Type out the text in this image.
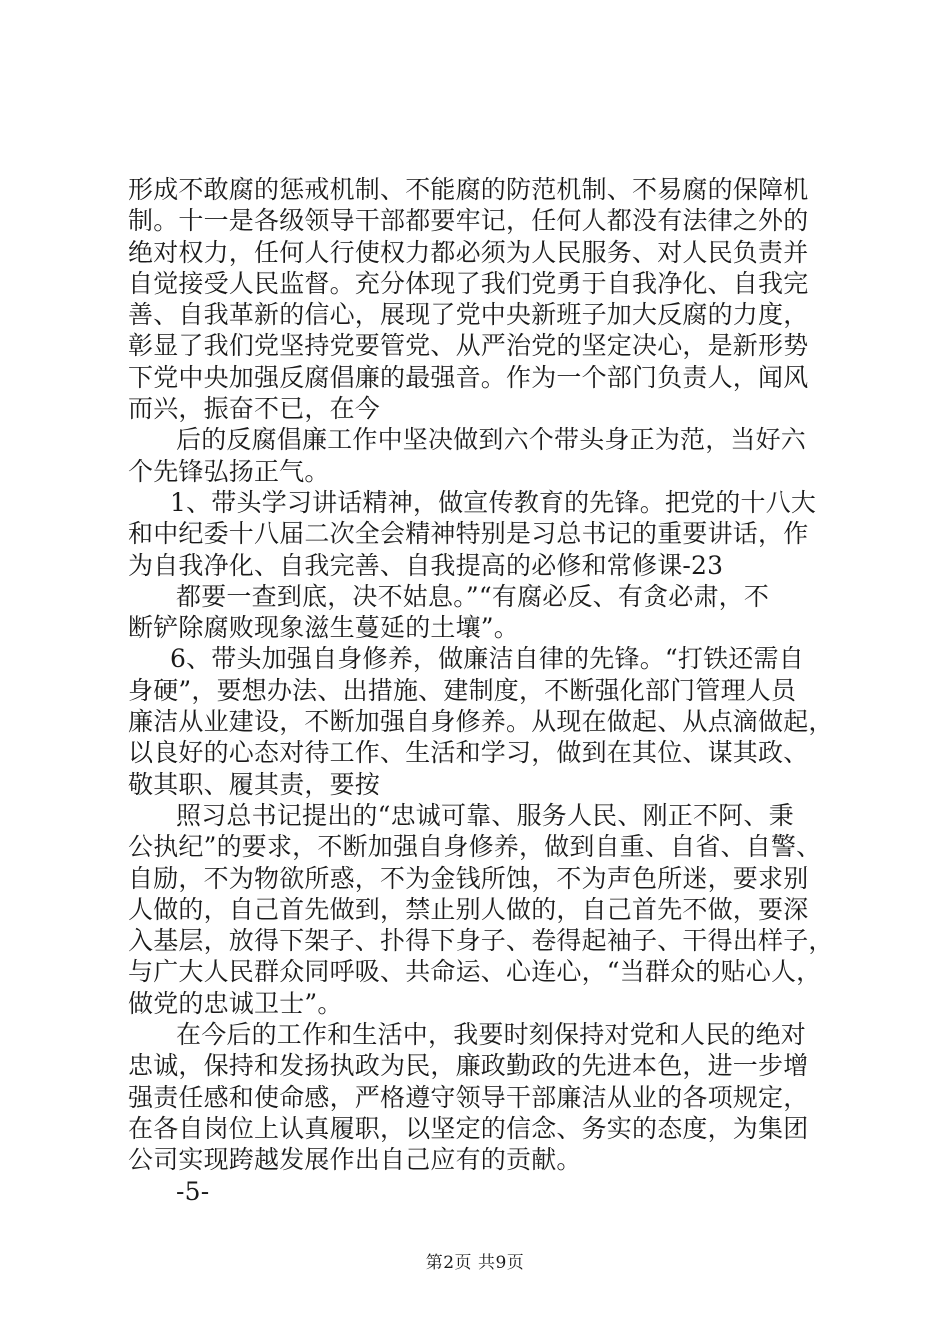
形成不敢腐的惩戒机制、不能腐的防范机制、不易腐的保障机
制。十一是各级领导干部都要牢记，任何人都没有法律之外的
绝对权力，任何人行使权力都必须为人民服务、对人民负责并
自觉接受人民监督。充分体现了我们党勇于自我净化、自我完
善、自我革新的信心，展现了党中央新班子加大反腐的力度，
彰显了我们党坚持党要管党、从严治党的坚定决心，是新形势
下党中央加强反腐倡廉的最强音。作为一个部门负责人，闻风
而兴，振奋不已，在今
后的反腐倡廉工作中坚决做到六个带头身正为范，当好六
个先锋弘扬正气。
1、带头学习讲话精神，做宣传教育的先锋。把党的十八大
和中纪委十八届二次全会精神特别是习总书记的重要讲话，作
为自我净化、自我完善、自我提高的必修和常修课-23
都要一查到底，决不姑息。”“有腐必反、有贪必肃，不
断铲除腐败现象滋生蔓延的土壤”。
6、带头加强自身修养，做廉洁自律的先锋。“打铁还需自
身硬”，要想办法、出措施、建制度，不断强化部门管理人员
廉洁从业建设，不断加强自身修养。从现在做起、从点滴做起，
以良好的心态对待工作、生活和学习，做到在其位、谋其政、
敬其职、履其责，要按
照习总书记提出的“忠诚可靠、服务人民、刚正不阿、秉
公执纪”的要求，不断加强自身修养，做到自重、自省、自警、
自励，不为物欲所惑，不为金钱所蚀，不为声色所迷，要求别
人做的，自己首先做到，禁止别人做的，自己首先不做，要深
入基层，放得下架子、扑得下身子、卷得起袖子、干得出样子，
与广大人民群众同呼吸、共命运、心连心，“当群众的贴心人，
做党的忠诚卫士”。
在今后的工作和生活中，我要时刻保持对党和人民的绝对
忠诚，保持和发扬执政为民，廉政勤政的先进本色，进一步增
强责任感和使命感，严格遵守领导干部廉洁从业的各项规定，
在各自岗位上认真履职，以坚定的信念、务实的态度，为集团
公司实现跨越发展作出自己应有的贡献。
-5-
第2页 共9页
